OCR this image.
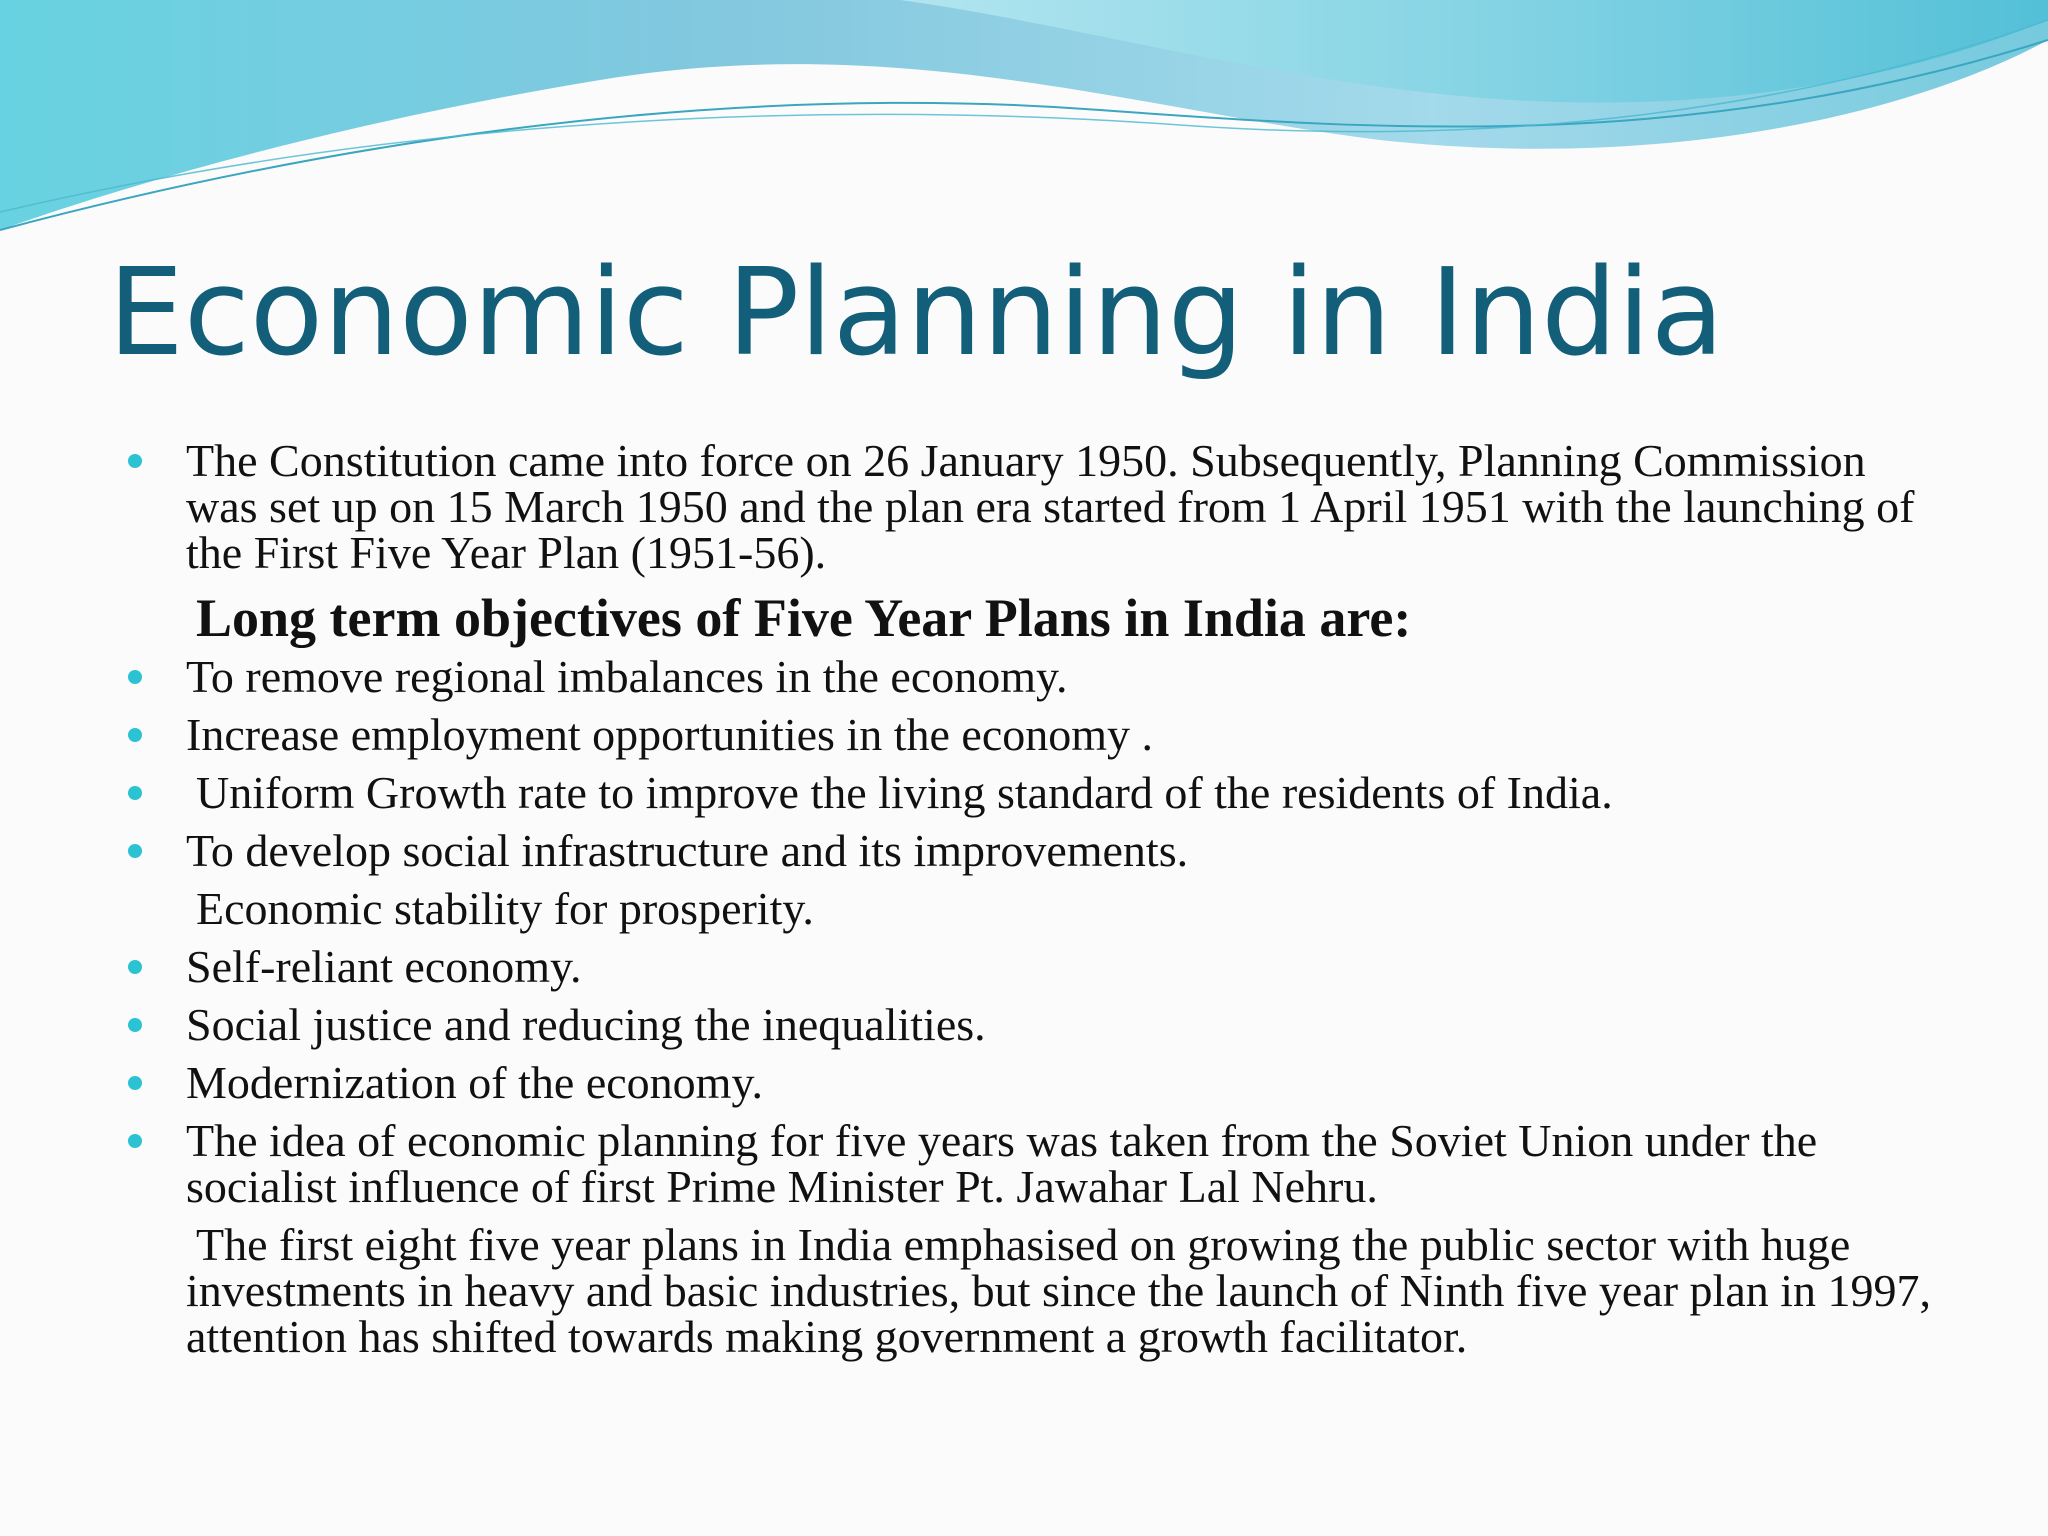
Economic Planning in India
The Constitution came into force on 26 January 1950. Subsequently, Planning Commission was set up on 15 March 1950 and the plan era started from 1 April 1951 with the launching of the First Five Year Plan (1951-56).
Long term objectives of Five Year Plans in India are:
To remove regional imbalances in the economy.
Increase employment opportunities in the economy .
Uniform Growth rate to improve the living standard of the residents of India.
To develop social infrastructure and its improvements.
Economic stability for prosperity.
Self-reliant economy.
Social justice and reducing the inequalities.
Modernization of the economy.
The idea of economic planning for five years was taken from the Soviet Union under the socialist influence of first Prime Minister Pt. Jawahar Lal Nehru.
The first eight five year plans in India emphasised on growing the public sector with huge investments in heavy and basic industries, but since the launch of Ninth five year plan in 1997, attention has shifted towards making government a growth facilitator.
